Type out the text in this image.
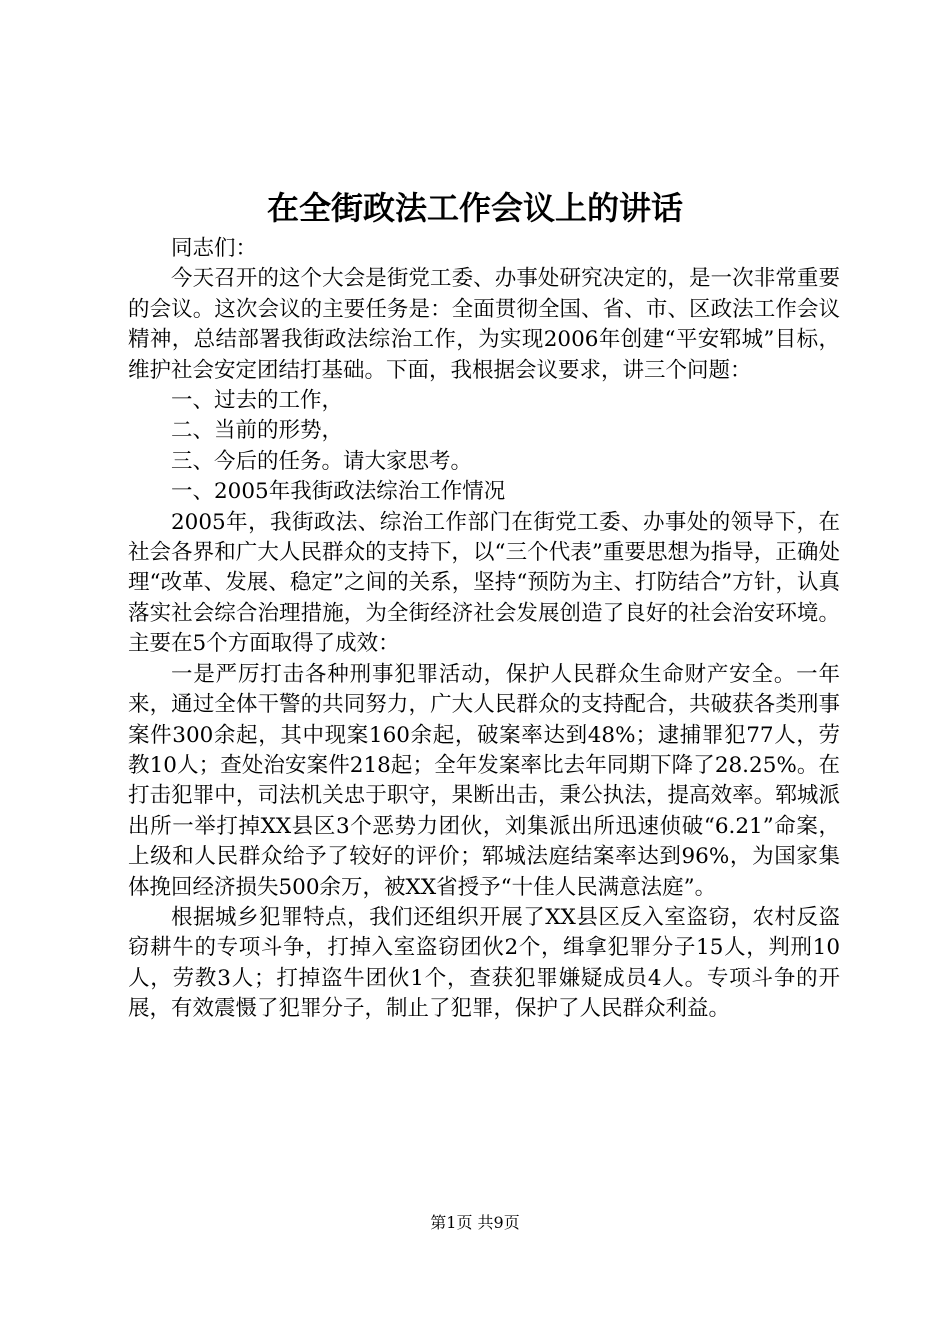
在全街政法工作会议上的讲话

同志们：

今天召开的这个大会是街党工委、办事处研究决定的，是一次非常重要的会议。这次会议的主要任务是：全面贯彻全国、省、市、区政法工作会议精神，总结部署我街政法综治工作，为实现2006年创建“平安郓城”目标，维护社会安定团结打基础。下面，我根据会议要求，讲三个问题：

一、过去的工作，

二、当前的形势，

三、今后的任务。请大家思考。

一、2005年我街政法综治工作情况

2005年，我街政法、综治工作部门在街党工委、办事处的领导下，在社会各界和广大人民群众的支持下，以“三个代表”重要思想为指导，正确处理“改革、发展、稳定”之间的关系，坚持“预防为主、打防结合”方针，认真落实社会综合治理措施，为全街经济社会发展创造了良好的社会治安环境。主要在5个方面取得了成效：

一是严厉打击各种刑事犯罪活动，保护人民群众生命财产安全。一年来，通过全体干警的共同努力，广大人民群众的支持配合，共破获各类刑事案件300余起，其中现案160余起，破案率达到48%；逮捕罪犯77人，劳教10人；查处治安案件218起；全年发案率比去年同期下降了28.25%。在打击犯罪中，司法机关忠于职守，果断出击，秉公执法，提高效率。郓城派出所一举打掉XX县区3个恶势力团伙，刘集派出所迅速侦破“6.21”命案，上级和人民群众给予了较好的评价；郓城法庭结案率达到96%，为国家集体挽回经济损失500余万，被XX省授予“十佳人民满意法庭”。

根据城乡犯罪特点，我们还组织开展了XX县区反入室盗窃，农村反盗窃耕牛的专项斗争，打掉入室盗窃团伙2个，缉拿犯罪分子15人，判刑10人，劳教3人；打掉盗牛团伙1个，查获犯罪嫌疑成员4人。专项斗争的开展，有效震慑了犯罪分子，制止了犯罪，保护了人民群众利益。

第1页 共9页
